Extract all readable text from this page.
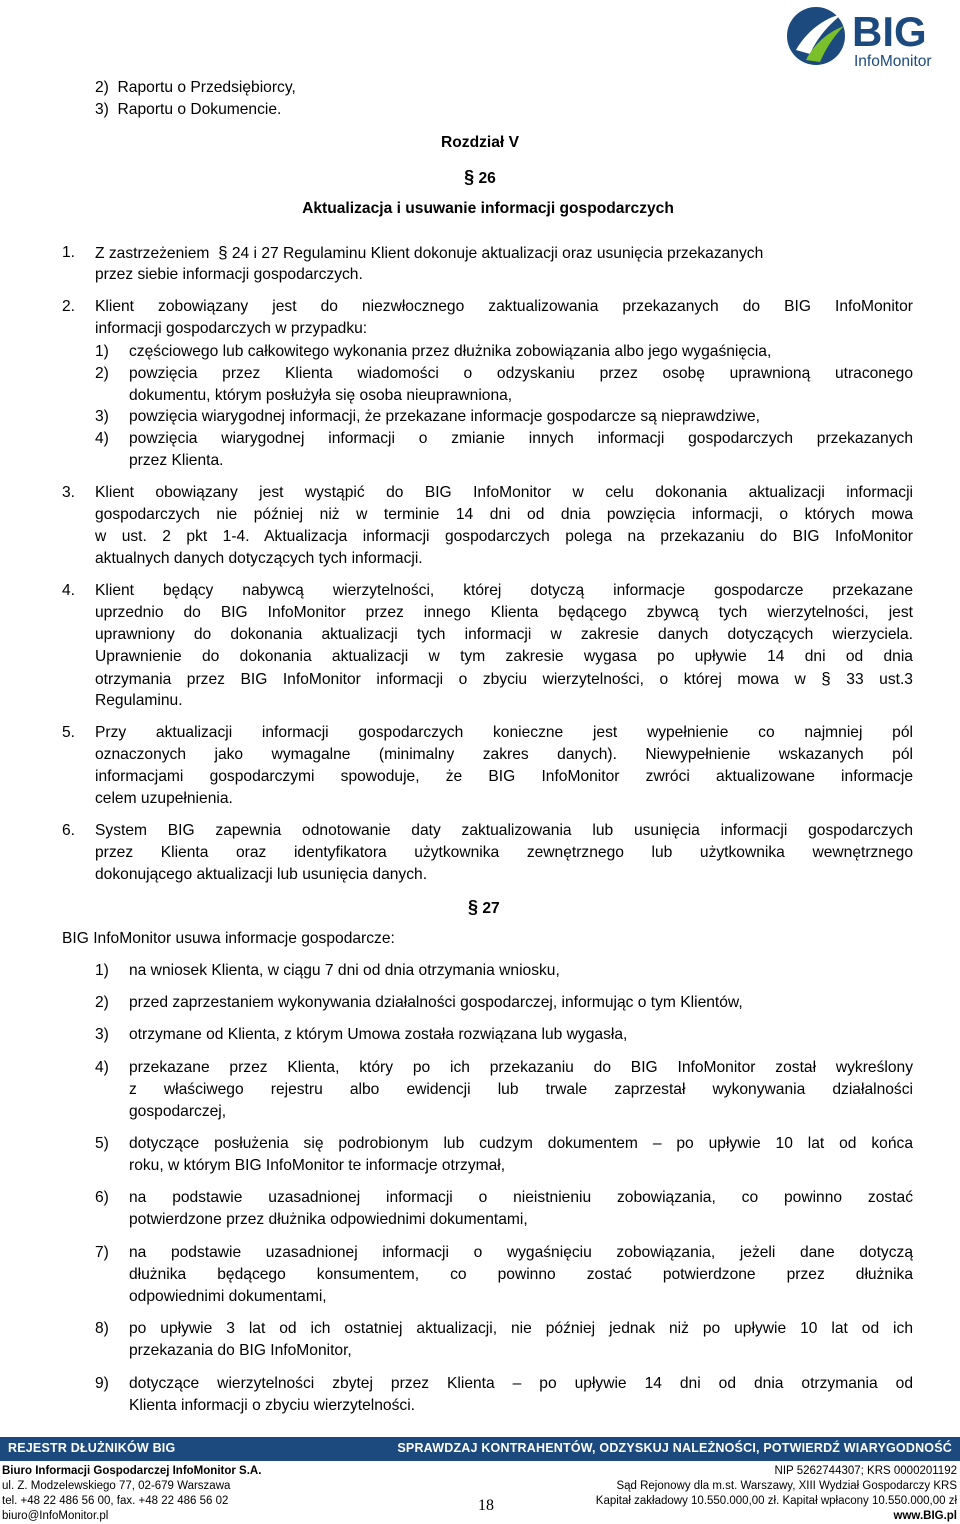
BIG
InfoMonitor
2) Raportu o Przedsiębiorcy,
3) Raportu o Dokumencie.
Rozdział V
§ 26
Aktualizacja i usuwanie informacji gospodarczych
1. Z zastrzeżeniem § 24 i 27 Regulaminu Klient dokonuje aktualizacji oraz usunięcia przekazanych
przez siebie informacji gospodarczych.
2. Klient zobowiązany jest do niezwłocznego zaktualizowania przekazanych do BIG InfoMonitor
informacji gospodarczych w przypadku:
1) częściowego lub całkowitego wykonania przez dłużnika zobowiązania albo jego wygaśnięcia,
2) powzięcia przez Klienta wiadomości o odzyskaniu przez osobę uprawnioną utraconego
dokumentu, którym posłużyła się osoba nieuprawniona,
3) powzięcia wiarygodnej informacji, że przekazane informacje gospodarcze są nieprawdziwe,
4) powzięcia wiarygodnej informacji o zmianie innych informacji gospodarczych przekazanych
przez Klienta.
3. Klient obowiązany jest wystąpić do BIG InfoMonitor w celu dokonania aktualizacji informacji
gospodarczych nie później niż w terminie 14 dni od dnia powzięcia informacji, o których mowa
w ust. 2 pkt 1-4. Aktualizacja informacji gospodarczych polega na przekazaniu do BIG InfoMonitor
aktualnych danych dotyczących tych informacji.
4. Klient będący nabywcą wierzytelności, której dotyczą informacje gospodarcze przekazane
uprzednio do BIG InfoMonitor przez innego Klienta będącego zbywcą tych wierzytelności, jest
uprawniony do dokonania aktualizacji tych informacji w zakresie danych dotyczących wierzyciela.
Uprawnienie do dokonania aktualizacji w tym zakresie wygasa po upływie 14 dni od dnia
otrzymania przez BIG InfoMonitor informacji o zbyciu wierzytelności, o której mowa w § 33 ust.3
Regulaminu.
5. Przy aktualizacji informacji gospodarczych konieczne jest wypełnienie co najmniej pól
oznaczonych jako wymagalne (minimalny zakres danych). Niewypełnienie wskazanych pól
informacjami gospodarczymi spowoduje, że BIG InfoMonitor zwróci aktualizowane informacje
celem uzupełnienia.
6. System BIG zapewnia odnotowanie daty zaktualizowania lub usunięcia informacji gospodarczych
przez Klienta oraz identyfikatora użytkownika zewnętrznego lub użytkownika wewnętrznego
dokonującego aktualizacji lub usunięcia danych.
§ 27
BIG InfoMonitor usuwa informacje gospodarcze:
1) na wniosek Klienta, w ciągu 7 dni od dnia otrzymania wniosku,
2) przed zaprzestaniem wykonywania działalności gospodarczej, informując o tym Klientów,
3) otrzymane od Klienta, z którym Umowa została rozwiązana lub wygasła,
4) przekazane przez Klienta, który po ich przekazaniu do BIG InfoMonitor został wykreślony
z właściwego rejestru albo ewidencji lub trwale zaprzestał wykonywania działalności
gospodarczej,
5) dotyczące posłużenia się podrobionym lub cudzym dokumentem – po upływie 10 lat od końca
roku, w którym BIG InfoMonitor te informacje otrzymał,
6) na podstawie uzasadnionej informacji o nieistnieniu zobowiązania, co powinno zostać
potwierdzone przez dłużnika odpowiednimi dokumentami,
7) na podstawie uzasadnionej informacji o wygaśnięciu zobowiązania, jeżeli dane dotyczą
dłużnika będącego konsumentem, co powinno zostać potwierdzone przez dłużnika
odpowiednimi dokumentami,
8) po upływie 3 lat od ich ostatniej aktualizacji, nie później jednak niż po upływie 10 lat od ich
przekazania do BIG InfoMonitor,
9) dotyczące wierzytelności zbytej przez Klienta – po upływie 14 dni od dnia otrzymania od
Klienta informacji o zbyciu wierzytelności.
REJESTR DŁUŻNIKÓW BIG	SPRAWDZAJ KONTRAHENTÓW, ODZYSKUJ NALEŻNOŚCI, POTWIERDŹ WIARYGODNOŚĆ
Biuro Informacji Gospodarczej InfoMonitor S.A.
ul. Z. Modzelewskiego 77, 02-679 Warszawa
tel. +48 22 486 56 00, fax. +48 22 486 56 02
biuro@InfoMonitor.pl
18
NIP 5262744307; KRS 0000201192
Sąd Rejonowy dla m.st. Warszawy, XIII Wydział Gospodarczy KRS
Kapitał zakładowy 10.550.000,00 zł. Kapitał wpłacony 10.550.000,00 zł
www.BIG.pl
